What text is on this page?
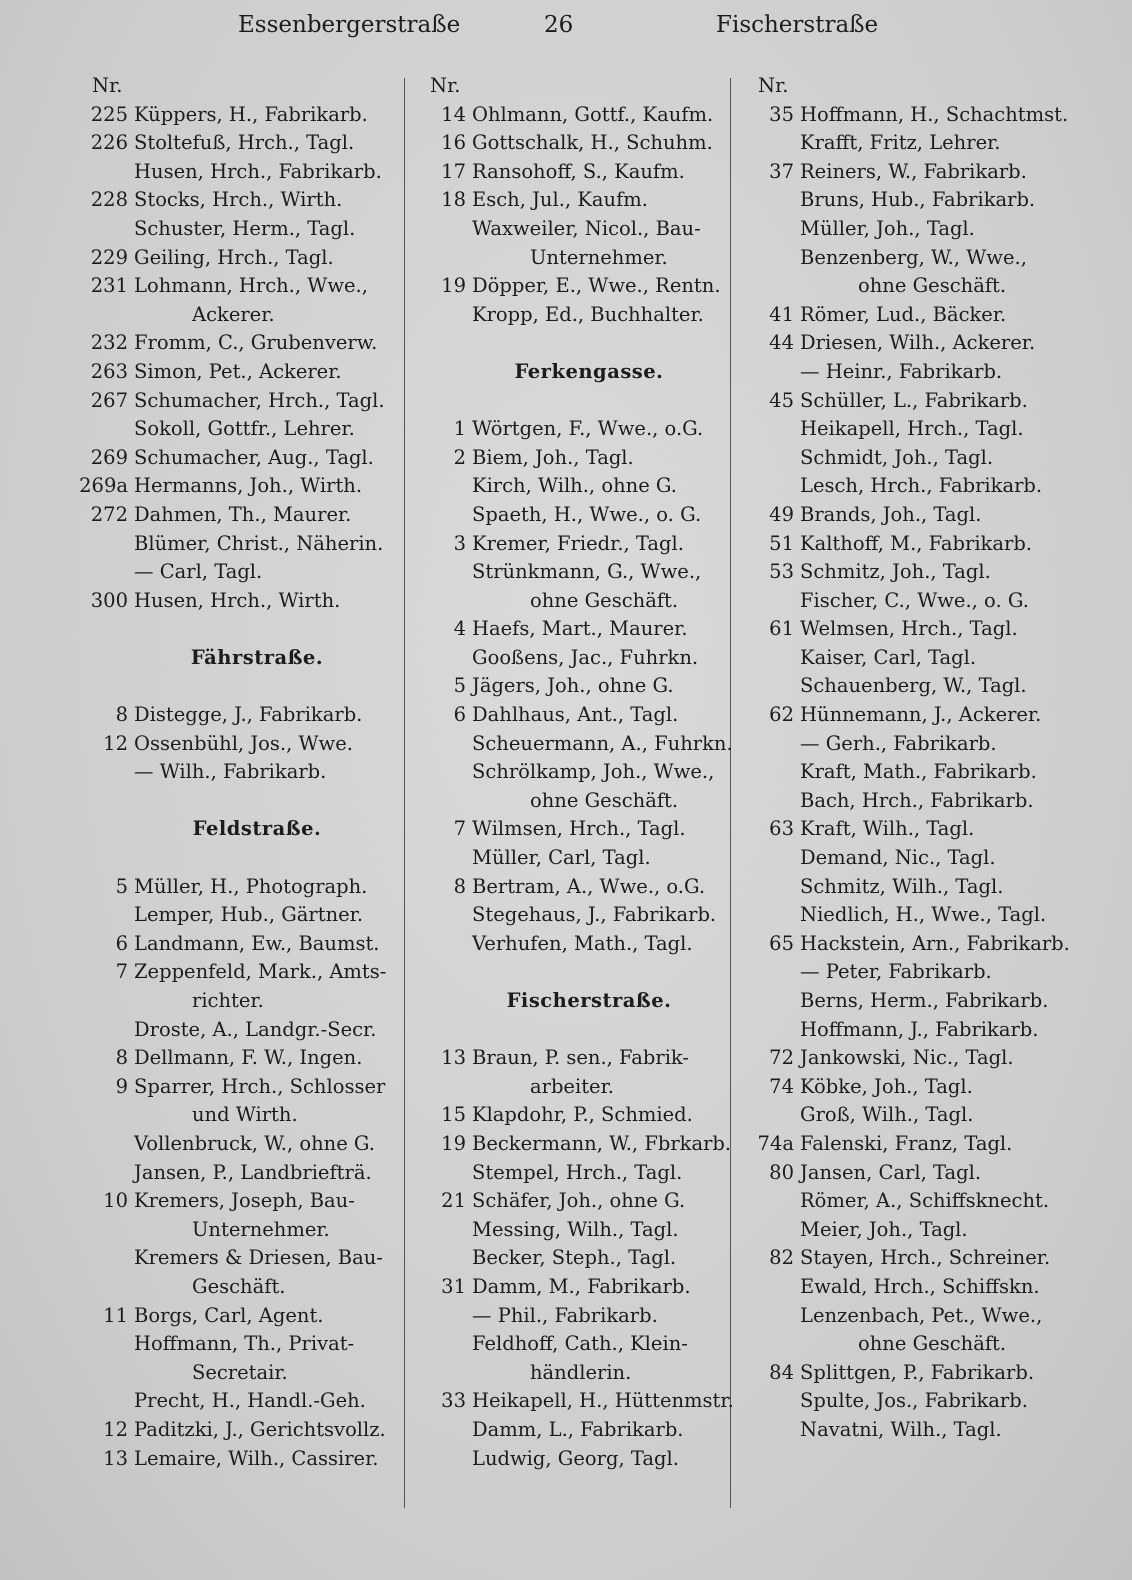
Essenbergerstraße	26	Fischerstraße
Nr.
225 Küppers, H., Fabrikarb.
226 Stoltefuß, Hrch., Tagl.
Husen, Hrch., Fabrikarb.
228 Stocks, Hrch., Wirth.
Schuster, Herm., Tagl.
229 Geiling, Hrch., Tagl.
231 Lohmann, Hrch., Wwe.,
Ackerer.
232 Fromm, C., Grubenverw.
263 Simon, Pet., Ackerer.
267 Schumacher, Hrch., Tagl.
Sokoll, Gottfr., Lehrer.
269 Schumacher, Aug., Tagl.
269a Hermanns, Joh., Wirth.
272 Dahmen, Th., Maurer.
Blümer, Christ., Näherin.
— Carl, Tagl.
300 Husen, Hrch., Wirth.
Fährstraße.
8 Distegge, J., Fabrikarb.
12 Ossenbühl, Jos., Wwe.
— Wilh., Fabrikarb.
Feldstraße.
5 Müller, H., Photograph.
Lemper, Hub., Gärtner.
6 Landmann, Ew., Baumst.
7 Zeppenfeld, Mark., Amts-
richter.
Droste, A., Landgr.-Secr.
8 Dellmann, F. W., Ingen.
9 Sparrer, Hrch., Schlosser
und Wirth.
Vollenbruck, W., ohne G.
Jansen, P., Landbriefträ.
10 Kremers, Joseph, Bau-
Unternehmer.
Kremers & Driesen, Bau-
Geschäft.
11 Borgs, Carl, Agent.
Hoffmann, Th., Privat-
Secretair.
Precht, H., Handl.-Geh.
12 Paditzki, J., Gerichtsvollz.
13 Lemaire, Wilh., Cassirer.
Nr.
14 Ohlmann, Gottf., Kaufm.
16 Gottschalk, H., Schuhm.
17 Ransohoff, S., Kaufm.
18 Esch, Jul., Kaufm.
Waxweiler, Nicol., Bau-
Unternehmer.
19 Döpper, E., Wwe., Rentn.
Kropp, Ed., Buchhalter.
Ferkengasse.
1 Wörtgen, F., Wwe., o.G.
2 Biem, Joh., Tagl.
Kirch, Wilh., ohne G.
Spaeth, H., Wwe., o. G.
3 Kremer, Friedr., Tagl.
Strünkmann, G., Wwe.,
ohne Geschäft.
4 Haefs, Mart., Maurer.
Gooßens, Jac., Fuhrkn.
5 Jägers, Joh., ohne G.
6 Dahlhaus, Ant., Tagl.
Scheuermann, A., Fuhrkn.
Schrölkamp, Joh., Wwe.,
ohne Geschäft.
7 Wilmsen, Hrch., Tagl.
Müller, Carl, Tagl.
8 Bertram, A., Wwe., o.G.
Stegehaus, J., Fabrikarb.
Verhufen, Math., Tagl.
Fischerstraße.
13 Braun, P. sen., Fabrik-
arbeiter.
15 Klapdohr, P., Schmied.
19 Beckermann, W., Fbrkarb.
Stempel, Hrch., Tagl.
21 Schäfer, Joh., ohne G.
Messing, Wilh., Tagl.
Becker, Steph., Tagl.
31 Damm, M., Fabrikarb.
— Phil., Fabrikarb.
Feldhoff, Cath., Klein-
händlerin.
33 Heikapell, H., Hüttenmstr.
Damm, L., Fabrikarb.
Ludwig, Georg, Tagl.
Nr.
35 Hoffmann, H., Schachtmst.
Krafft, Fritz, Lehrer.
37 Reiners, W., Fabrikarb.
Bruns, Hub., Fabrikarb.
Müller, Joh., Tagl.
Benzenberg, W., Wwe.,
ohne Geschäft.
41 Römer, Lud., Bäcker.
44 Driesen, Wilh., Ackerer.
— Heinr., Fabrikarb.
45 Schüller, L., Fabrikarb.
Heikapell, Hrch., Tagl.
Schmidt, Joh., Tagl.
Lesch, Hrch., Fabrikarb.
49 Brands, Joh., Tagl.
51 Kalthoff, M., Fabrikarb.
53 Schmitz, Joh., Tagl.
Fischer, C., Wwe., o. G.
61 Welmsen, Hrch., Tagl.
Kaiser, Carl, Tagl.
Schauenberg, W., Tagl.
62 Hünnemann, J., Ackerer.
— Gerh., Fabrikarb.
Kraft, Math., Fabrikarb.
Bach, Hrch., Fabrikarb.
63 Kraft, Wilh., Tagl.
Demand, Nic., Tagl.
Schmitz, Wilh., Tagl.
Niedlich, H., Wwe., Tagl.
65 Hackstein, Arn., Fabrikarb.
— Peter, Fabrikarb.
Berns, Herm., Fabrikarb.
Hoffmann, J., Fabrikarb.
72 Jankowski, Nic., Tagl.
74 Köbke, Joh., Tagl.
Groß, Wilh., Tagl.
74a Falenski, Franz, Tagl.
80 Jansen, Carl, Tagl.
Römer, A., Schiffsknecht.
Meier, Joh., Tagl.
82 Stayen, Hrch., Schreiner.
Ewald, Hrch., Schiffskn.
Lenzenbach, Pet., Wwe.,
ohne Geschäft.
84 Splittgen, P., Fabrikarb.
Spulte, Jos., Fabrikarb.
Navatni, Wilh., Tagl.
